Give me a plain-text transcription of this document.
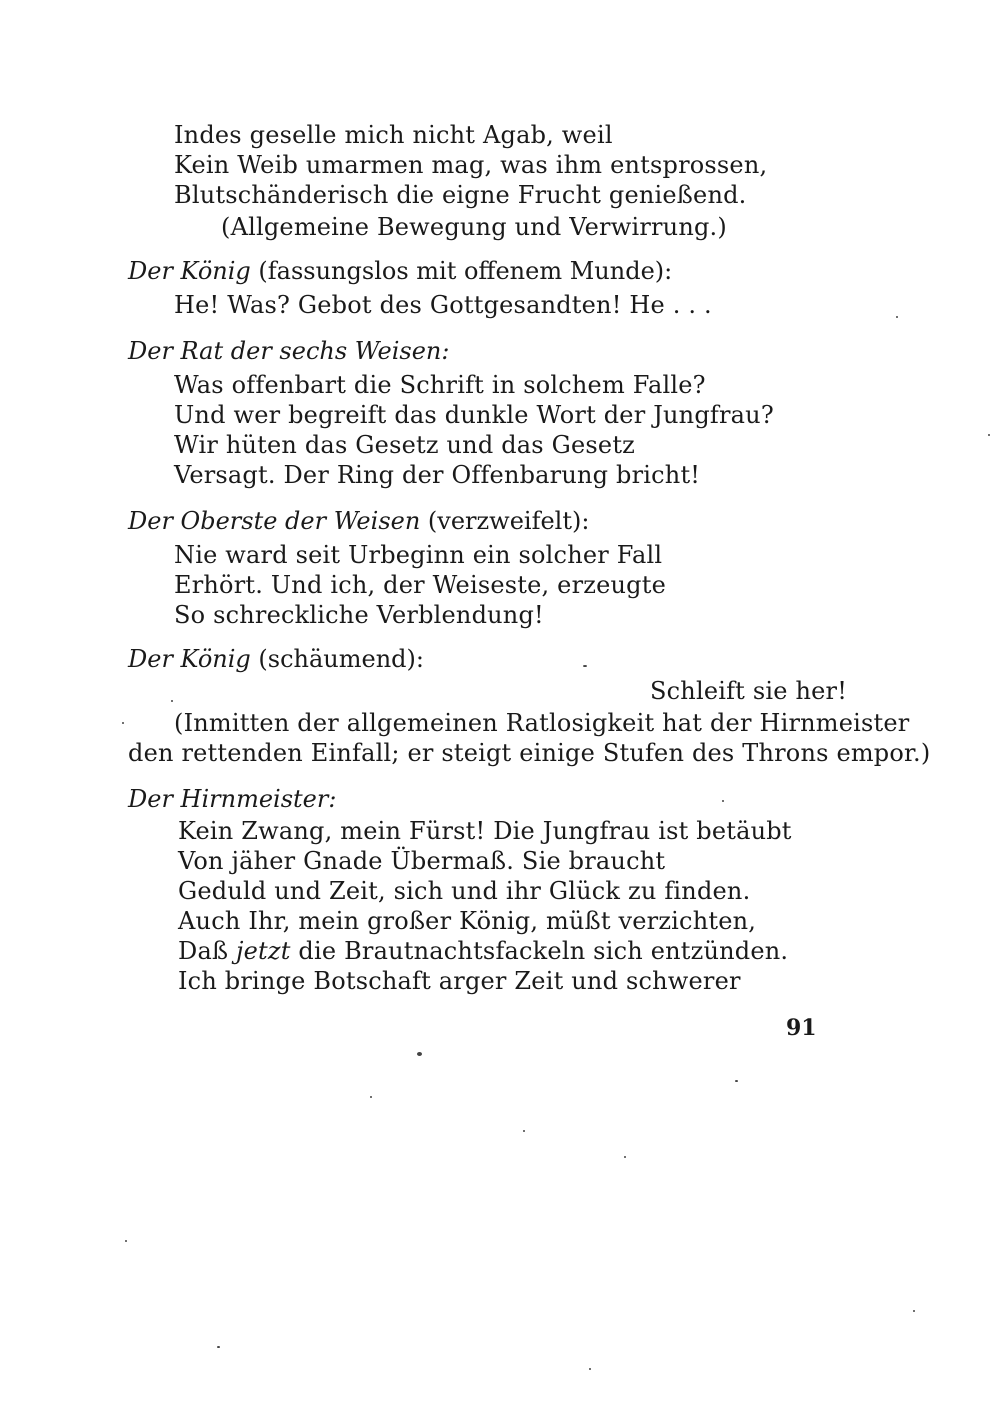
Indes geselle mich nicht Agab, weil
Kein Weib umarmen mag, was ihm entsprossen,
Blutschänderisch die eigne Frucht genießend.
(Allgemeine Bewegung und Verwirrung.)
Der König (fassungslos mit offenem Munde):
He! Was? Gebot des Gottgesandten! He . . .
Der Rat der sechs Weisen:
Was offenbart die Schrift in solchem Falle?
Und wer begreift das dunkle Wort der Jungfrau?
Wir hüten das Gesetz und das Gesetz
Versagt. Der Ring der Offenbarung bricht!
Der Oberste der Weisen (verzweifelt):
Nie ward seit Urbeginn ein solcher Fall
Erhört. Und ich, der Weiseste, erzeugte
So schreckliche Verblendung!
Der König (schäumend):
Schleift sie her!
(Inmitten der allgemeinen Ratlosigkeit hat der Hirnmeister
den rettenden Einfall; er steigt einige Stufen des Throns empor.)
Der Hirnmeister:
Kein Zwang, mein Fürst! Die Jungfrau ist betäubt
Von jäher Gnade Übermaß. Sie braucht
Geduld und Zeit, sich und ihr Glück zu finden.
Auch Ihr, mein großer König, müßt verzichten,
Daß jetzt die Brautnachtsfackeln sich entzünden.
Ich bringe Botschaft arger Zeit und schwerer
91
